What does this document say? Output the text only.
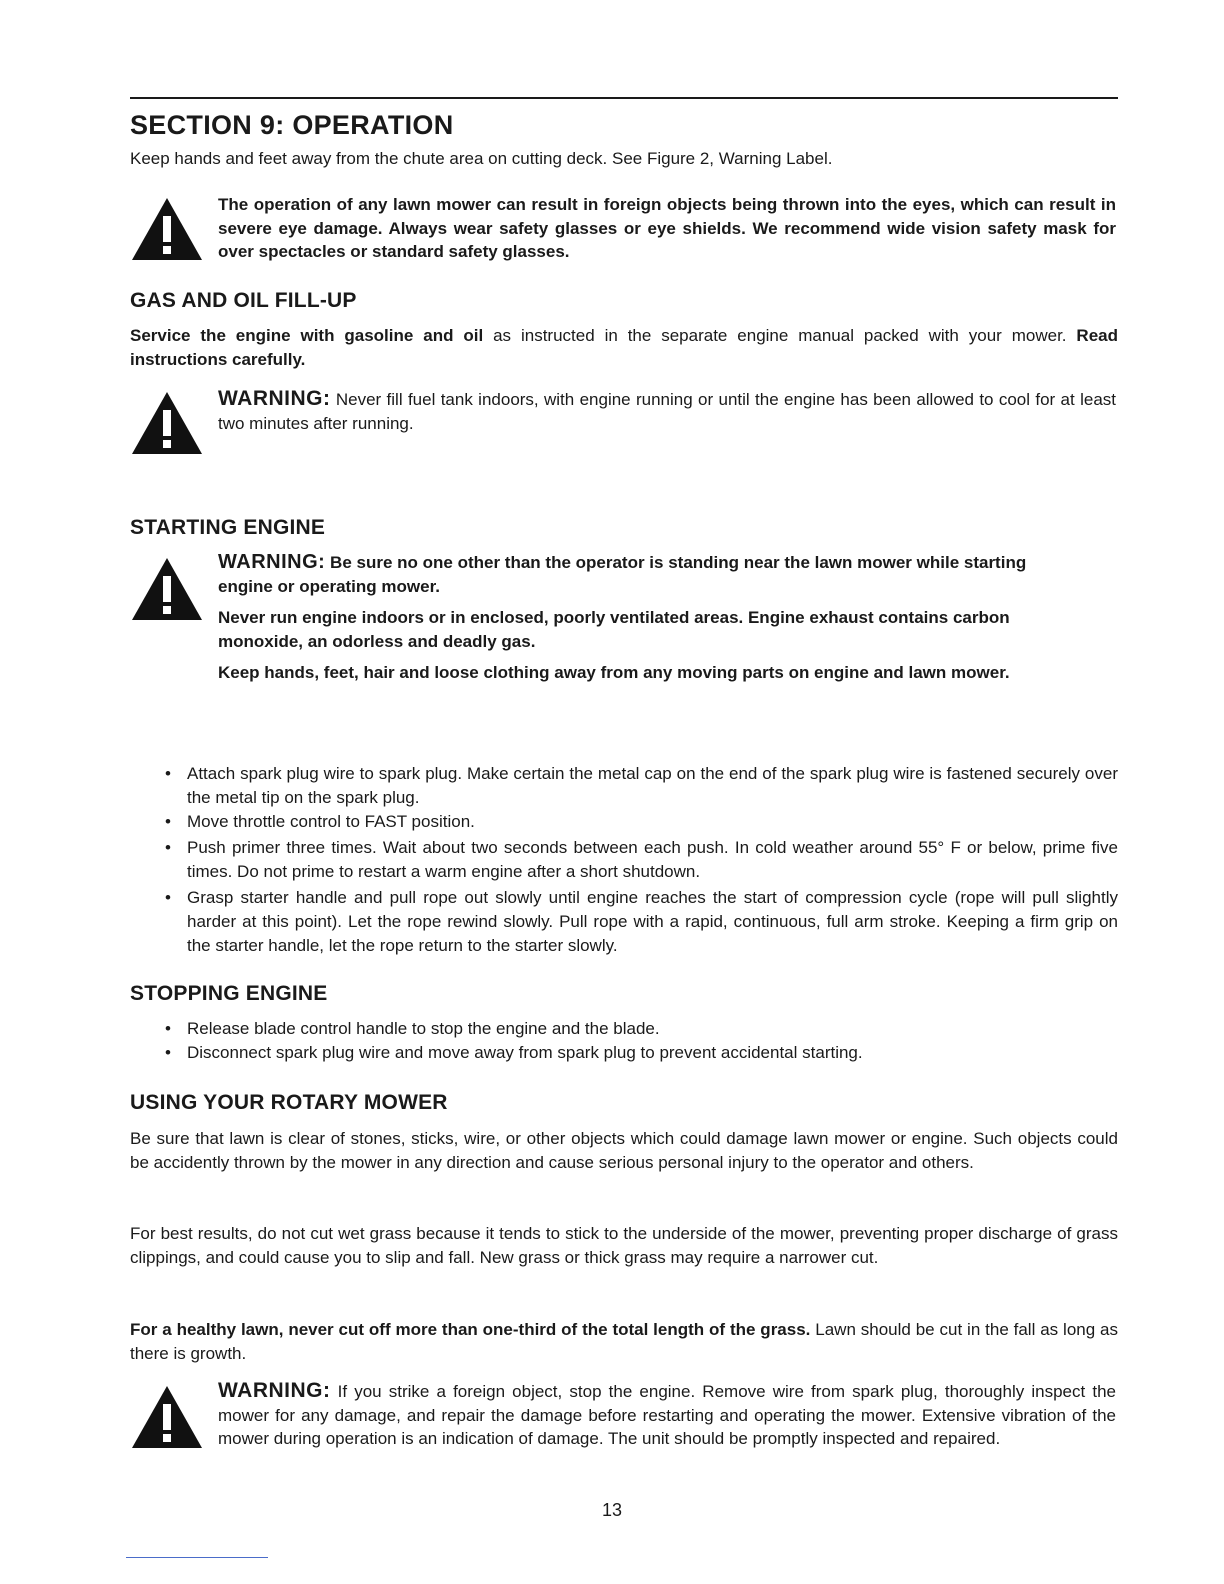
SECTION 9: OPERATION

Keep hands and feet away from the chute area on cutting deck. See Figure 2, Warning Label.

The operation of any lawn mower can result in foreign objects being thrown into the eyes, which can result in severe eye damage. Always wear safety glasses or eye shields. We recommend wide vision safety mask for over spectacles or standard safety glasses.

GAS AND OIL FILL-UP

Service the engine with gasoline and oil as instructed in the separate engine manual packed with your mower. Read instructions carefully.

WARNING: Never fill fuel tank indoors, with engine running or until the engine has been allowed to cool for at least two minutes after running.

STARTING ENGINE

WARNING: Be sure no one other than the operator is standing near the lawn mower while starting engine or operating mower.

Never run engine indoors or in enclosed, poorly ventilated areas. Engine exhaust contains carbon monoxide, an odorless and deadly gas.

Keep hands, feet, hair and loose clothing away from any moving parts on engine and lawn mower.

• Attach spark plug wire to spark plug. Make certain the metal cap on the end of the spark plug wire is fastened securely over the metal tip on the spark plug.
• Move throttle control to FAST position.
• Push primer three times. Wait about two seconds between each push. In cold weather around 55° F or below, prime five times. Do not prime to restart a warm engine after a short shutdown.
• Grasp starter handle and pull rope out slowly until engine reaches the start of compression cycle (rope will pull slightly harder at this point). Let the rope rewind slowly. Pull rope with a rapid, continuous, full arm stroke. Keeping a firm grip on the starter handle, let the rope return to the starter slowly.
STOPPING ENGINE
• Release blade control handle to stop the engine and the blade.
• Disconnect spark plug wire and move away from spark plug to prevent accidental starting.
USING YOUR ROTARY MOWER

Be sure that lawn is clear of stones, sticks, wire, or other objects which could damage lawn mower or engine. Such objects could be accidently thrown by the mower in any direction and cause serious personal injury to the operator and others.

For best results, do not cut wet grass because it tends to stick to the underside of the mower, preventing proper discharge of grass clippings, and could cause you to slip and fall. New grass or thick grass may require a narrower cut.

For a healthy lawn, never cut off more than one-third of the total length of the grass. Lawn should be cut in the fall as long as there is growth.

WARNING: If you strike a foreign object, stop the engine. Remove wire from spark plug, thoroughly inspect the mower for any damage, and repair the damage before restarting and operating the mower. Extensive vibration of the mower during operation is an indication of damage. The unit should be promptly inspected and repaired.

13
